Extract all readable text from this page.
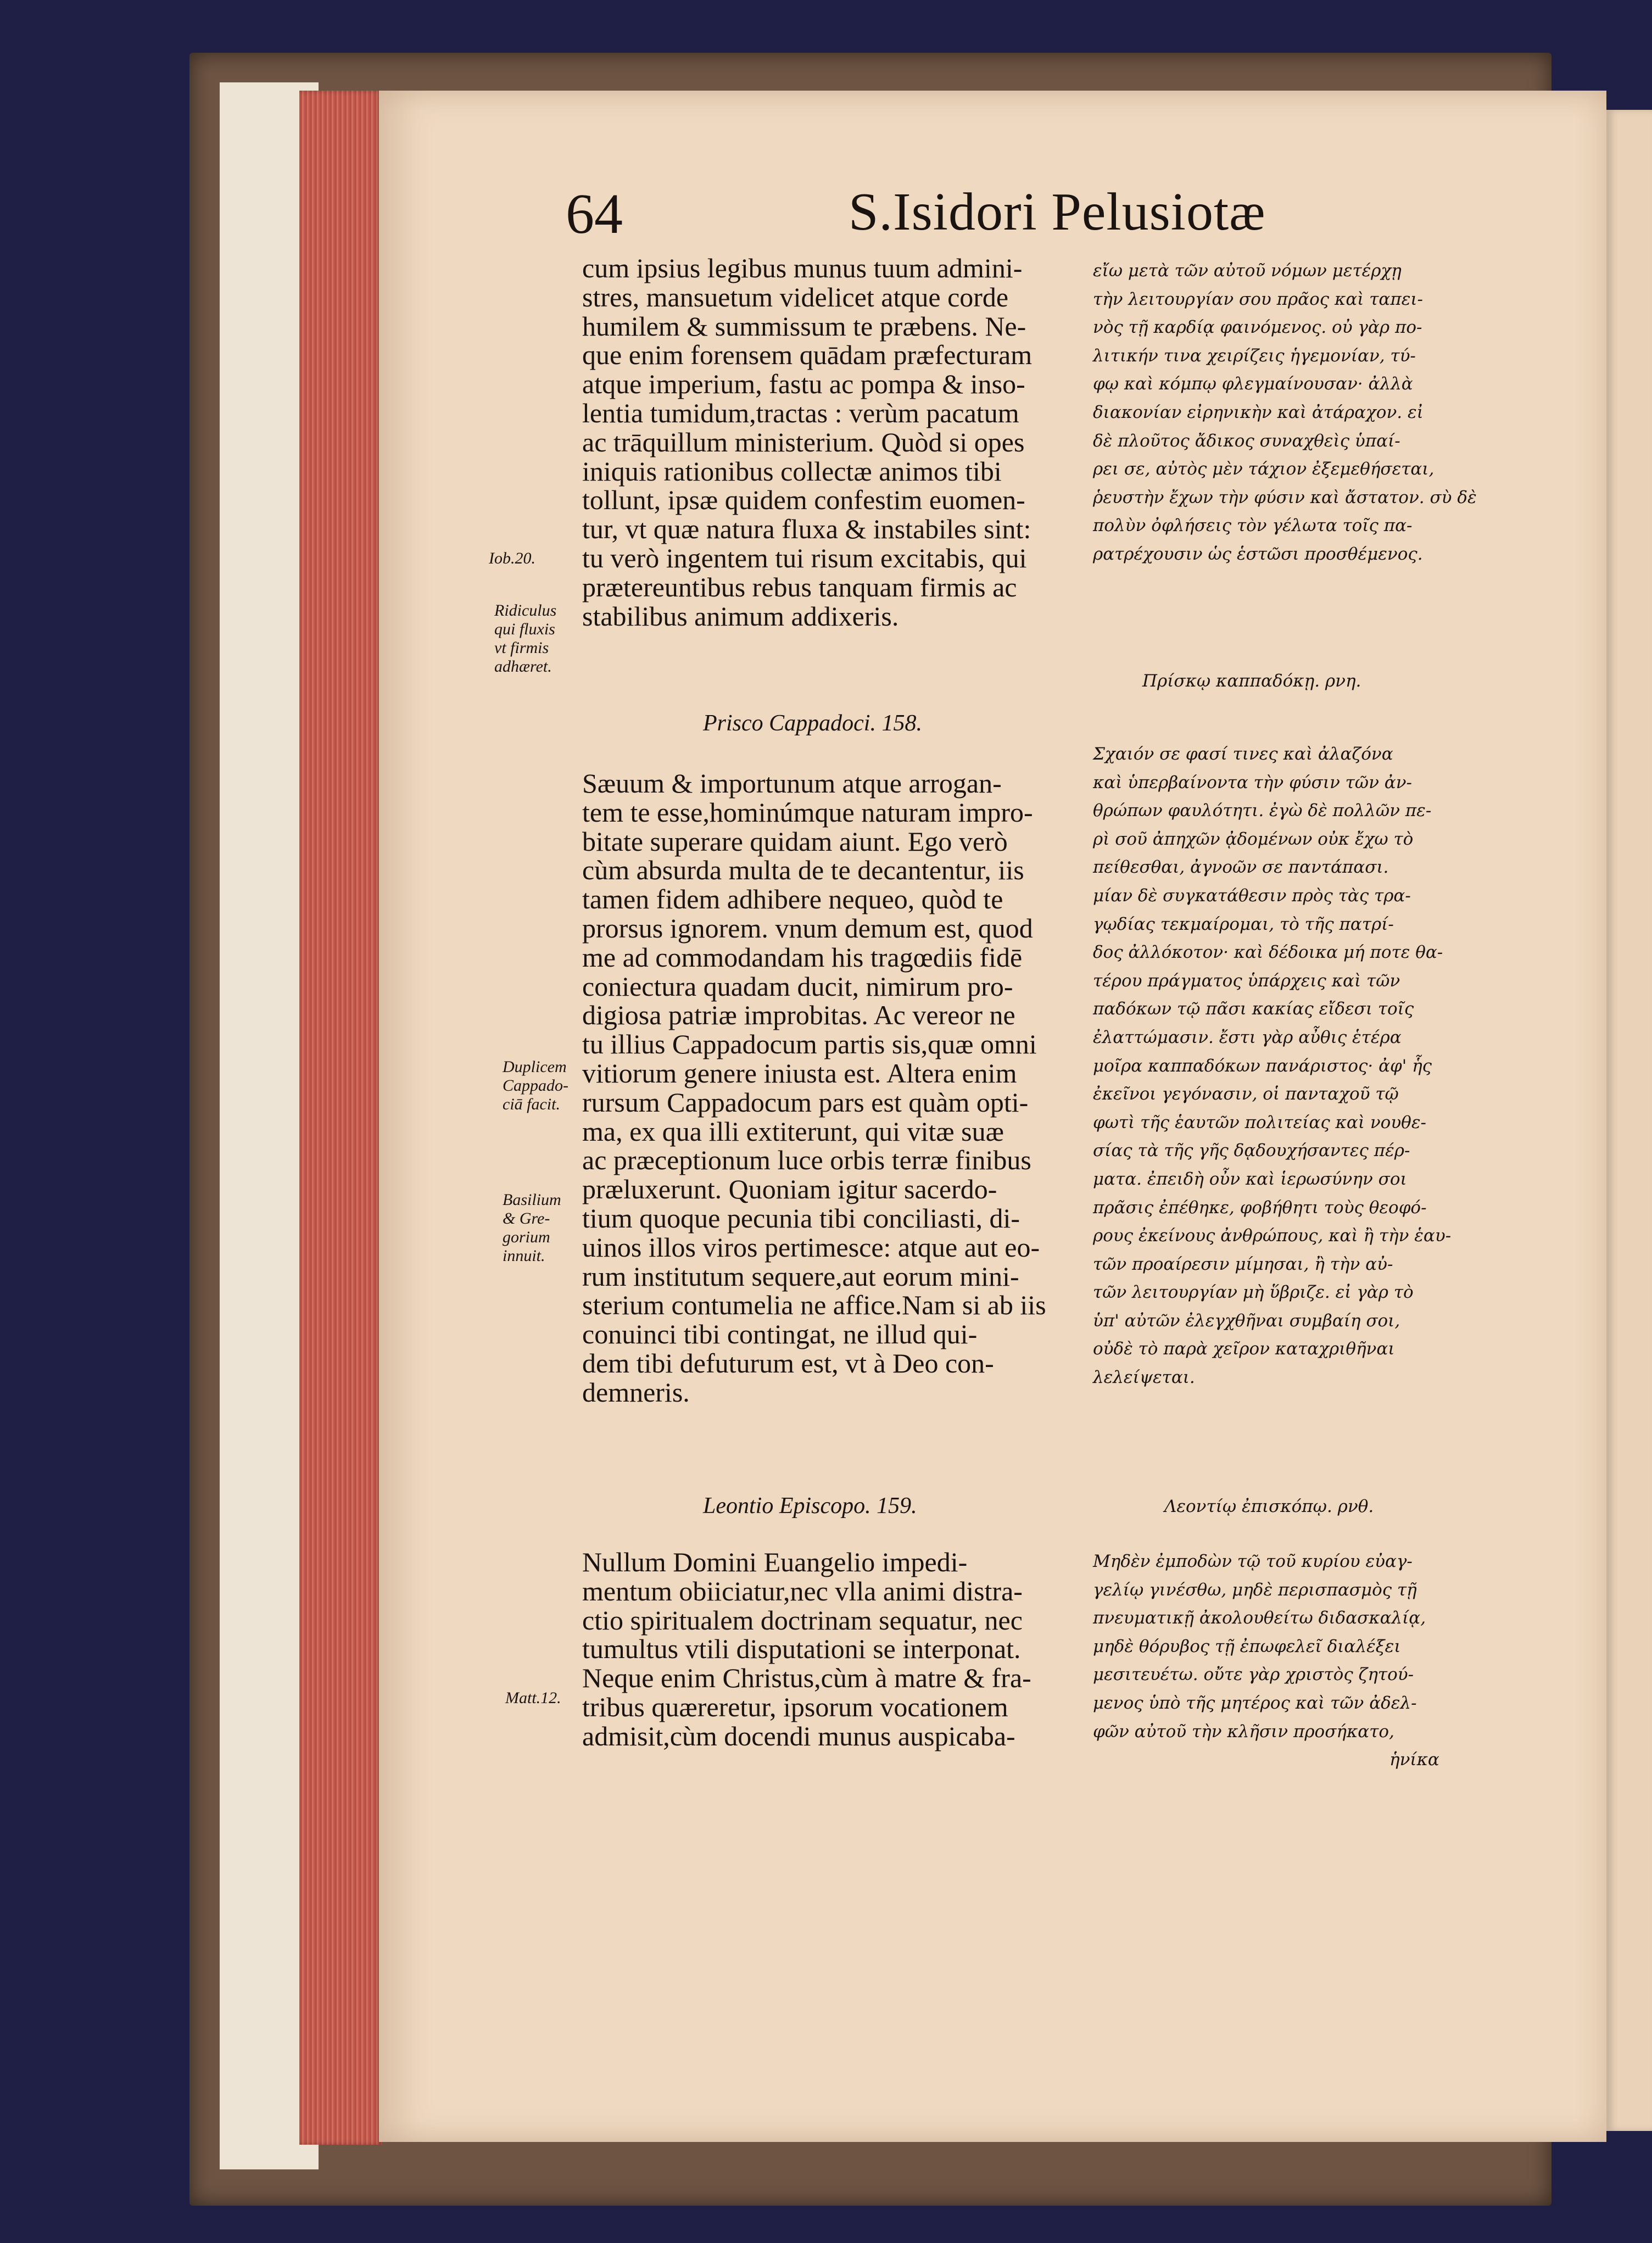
64	S.Isidori Pelusiotæ
cum ipsius legibus munus tuum admini-
stres, mansuetum videlicet atque corde
humilem & summissum te præbens. Ne-
que enim forensem quādam præfecturam
atque imperium, fastu ac pompa & inso-
lentia tumidum,tractas : verùm pacatum
ac trāquillum ministerium. Quòd si opes
iniquis rationibus collectæ animos tibi
tollunt, ipsæ quidem confestim euomen-
tur, vt quæ natura fluxa & instabiles sint:
tu verò ingentem tui risum excitabis, qui
prætereuntibus rebus tanquam firmis ac
stabilibus animum addixeris.
Prisco Cappadoci. 158.
Sæuum & importunum atque arrogan-
tem te esse,hominúmque naturam impro-
bitate superare quidam aiunt. Ego verò
cùm absurda multa de te decantentur, iis
tamen fidem adhibere nequeo, quòd te
prorsus ignorem. vnum demum est, quod
me ad commodandam his tragœdiis fidē
coniectura quadam ducit, nimirum pro-
digiosa patriæ improbitas. Ac vereor ne
tu illius Cappadocum partis sis,quæ omni
vitiorum genere iniusta est. Altera enim
rursum Cappadocum pars est quàm opti-
ma, ex qua illi extiterunt, qui vitæ suæ
ac præceptionum luce orbis terræ finibus
præluxerunt. Quoniam igitur sacerdo-
tium quoque pecunia tibi conciliasti, di-
uinos illos viros pertimesce: atque aut eo-
rum institutum sequere,aut eorum mini-
sterium contumelia ne affice.Nam si ab iis
conuinci tibi contingat, ne illud qui-
dem tibi defuturum est, vt à Deo con-
demneris.
Leontio Episcopo. 159.
Nullum Domini Euangelio impedi-
mentum obiiciatur,nec vlla animi distra-
ctio spiritualem doctrinam sequatur, nec
tumultus vtili disputationi se interponat.
Neque enim Christus,cùm à matre & fra-
tribus quæreretur, ipsorum vocationem
admisit,cùm docendi munus auspicaba-
εἴω μετὰ τῶν αὐτοῦ νόμων μετέρχῃ
τὴν λειτουργίαν σου πρᾶος καὶ ταπει-
νὸς τῇ καρδίᾳ φαινόμενος. οὐ γὰρ πο-
λιτικήν τινα χειρίζεις ἡγεμονίαν, τύ-
φῳ καὶ κόμπῳ φλεγμαίνουσαν· ἀλλὰ
διακονίαν εἰρηνικὴν καὶ ἀτάραχον. εἰ
δὲ πλοῦτος ἄδικος συναχθεὶς ὑπαί-
ρει σε, αὐτὸς μὲν τάχιον ἐξεμεθήσεται,
ῥευστὴν ἔχων τὴν φύσιν καὶ ἄστατον. σὺ δὲ
πολὺν ὀφλήσεις τὸν γέλωτα τοῖς πα-
ρατρέχουσιν ὡς ἑστῶσι προσθέμενος.
Πρίσκῳ καππαδόκῃ. ρνη.
Σχαιόν σε φασί τινες καὶ ἀλαζόνα
καὶ ὑπερβαίνοντα τὴν φύσιν τῶν ἀν-
θρώπων φαυλότητι. ἐγὼ δὲ πολλῶν πε-
ρὶ σοῦ ἀπηχῶν ᾀδομένων οὐκ ἔχω τὸ
πείθεσθαι, ἀγνοῶν σε παντάπασι.
μίαν δὲ συγκατάθεσιν πρὸς τὰς τρα-
γῳδίας τεκμαίρομαι, τὸ τῆς πατρί-
δος ἀλλόκοτον· καὶ δέδοικα μή ποτε θα-
τέρου πράγματος ὑπάρχεις καὶ τῶν
παδόκων τῷ πᾶσι κακίας εἴδεσι τοῖς
ἐλαττώμασιν. ἔστι γὰρ αὖθις ἑτέρα
μοῖρα καππαδόκων πανάριστος· ἀφ' ἧς
ἐκεῖνοι γεγόνασιν, οἱ πανταχοῦ τῷ
φωτὶ τῆς ἑαυτῶν πολιτείας καὶ νουθε-
σίας τὰ τῆς γῆς δᾳδουχήσαντες πέρ-
ματα. ἐπειδὴ οὖν καὶ ἱερωσύνην σοι
πρᾶσις ἐπέθηκε, φοβήθητι τοὺς θεοφό-
ρους ἐκείνους ἀνθρώπους, καὶ ἢ τὴν ἑαυ-
τῶν προαίρεσιν μίμησαι, ἢ τὴν αὐ-
τῶν λειτουργίαν μὴ ὕβριζε. εἰ γὰρ τὸ
ὑπ' αὐτῶν ἐλεγχθῆναι συμβαίη σοι,
οὐδὲ τὸ παρὰ χεῖρον καταχριθῆναι
λελείψεται.
Λεοντίῳ ἐπισκόπῳ. ρνθ.
Μηδὲν ἐμποδὼν τῷ τοῦ κυρίου εὐαγ-
γελίῳ γινέσθω, μηδὲ περισπασμὸς τῇ
πνευματικῇ ἀκολουθείτω διδασκαλίᾳ,
μηδὲ θόρυβος τῇ ἐπωφελεῖ διαλέξει
μεσιτευέτω. οὔτε γὰρ χριστὸς ζητού-
μενος ὑπὸ τῆς μητέρος καὶ τῶν ἀδελ-
φῶν αὐτοῦ τὴν κλῆσιν προσήκατο,
ἡνίκα
Iob.20.
Ridiculus
qui fluxis
vt firmis
adhæret.
Duplicem
Cappado-
ciā facit.
Basilium
& Gre-
gorium
innuit.
Matt.12.
